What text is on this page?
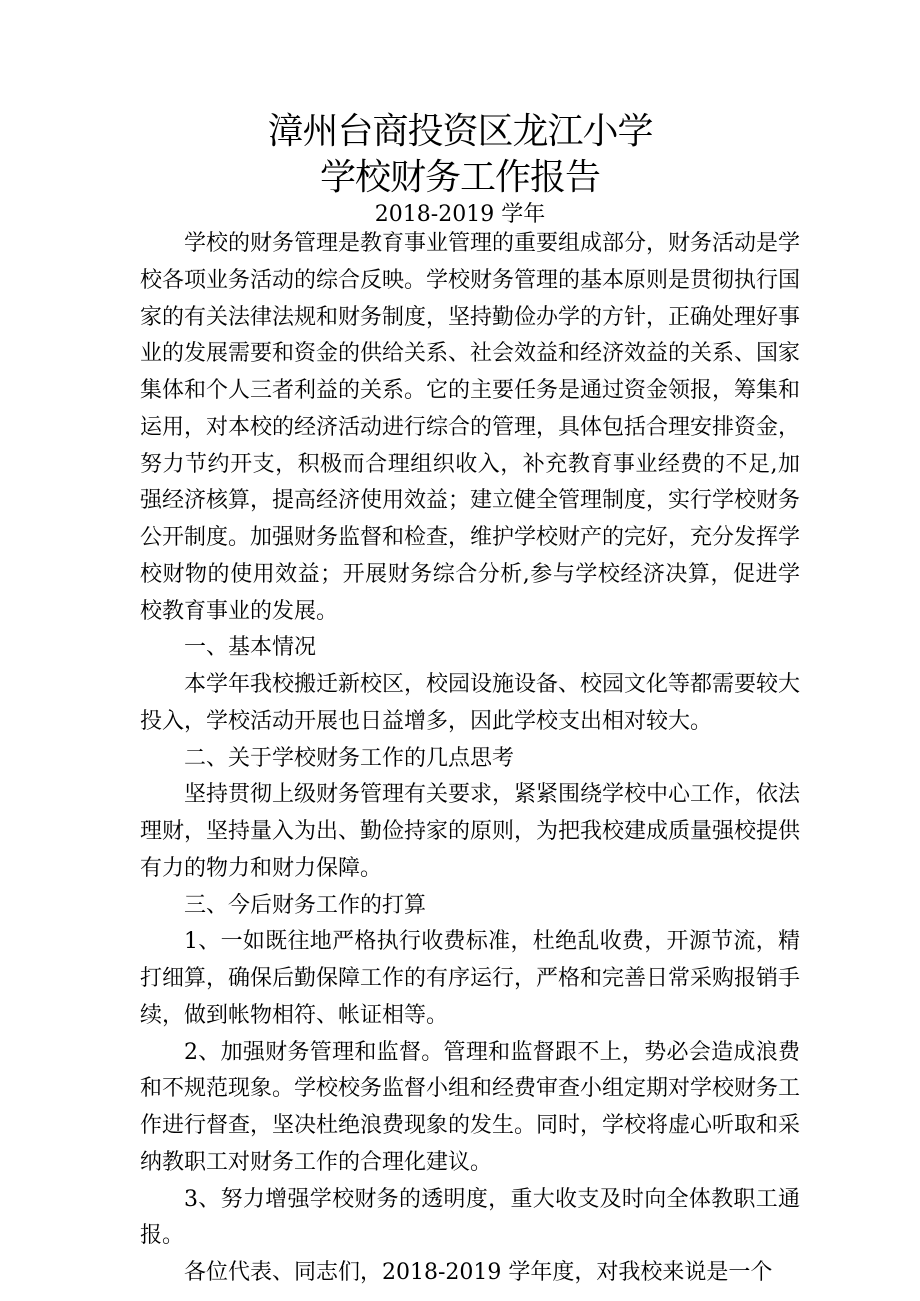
漳州台商投资区龙江小学
学校财务工作报告
2018-2019 学年

学校的财务管理是教育事业管理的重要组成部分，财务活动是学校各项业务活动的综合反映。学校财务管理的基本原则是贯彻执行国家的有关法律法规和财务制度，坚持勤俭办学的方针，正确处理好事业的发展需要和资金的供给关系、社会效益和经济效益的关系、国家集体和个人三者利益的关系。它的主要任务是通过资金领报，筹集和运用，对本校的经济活动进行综合的管理，具体包括合理安排资金，努力节约开支，积极而合理组织收入，补充教育事业经费的不足,加强经济核算，提高经济使用效益；建立健全管理制度，实行学校财务公开制度。加强财务监督和检查，维护学校财产的完好，充分发挥学校财物的使用效益；开展财务综合分析,参与学校经济决算，促进学校教育事业的发展。

一、基本情况

本学年我校搬迁新校区，校园设施设备、校园文化等都需要较大投入，学校活动开展也日益增多，因此学校支出相对较大。

二、关于学校财务工作的几点思考

坚持贯彻上级财务管理有关要求，紧紧围绕学校中心工作，依法理财，坚持量入为出、勤俭持家的原则，为把我校建成质量强校提供有力的物力和财力保障。

三、今后财务工作的打算

1、一如既往地严格执行收费标准，杜绝乱收费，开源节流，精打细算，确保后勤保障工作的有序运行，严格和完善日常采购报销手续，做到帐物相符、帐证相等。

2、加强财务管理和监督。管理和监督跟不上，势必会造成浪费和不规范现象。学校校务监督小组和经费审查小组定期对学校财务工作进行督查，坚决杜绝浪费现象的发生。同时，学校将虚心听取和采纳教职工对财务工作的合理化建议。

3、努力增强学校财务的透明度，重大收支及时向全体教职工通报。

各位代表、同志们，2018-2019 学年度，对我校来说是一个
